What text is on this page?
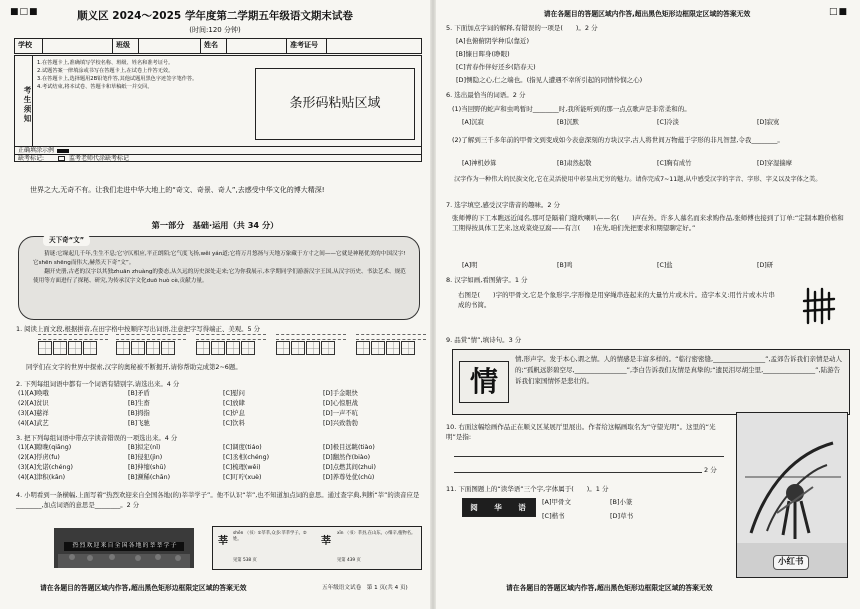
■□■	顺义区 2024～2025 学年度第二学期五年级语文期末试卷
(时间:120 分钟)
学校		班级		姓名		准考证号	
考生须知
1.在答题卡上,准确填写学校名称、班级、姓名和准考证号。
2.试题答案一律填涂或书写在答题卡上,在试卷上作答无效。
3.在答题卡上,选择题用2B铅笔作答,其他试题用黑色字迹签字笔作答。
4.考试结束,将本试卷、答题卡和草稿纸一并交回。
条形码粘贴区域
正确填涂示例
缺考标记:	监考老师代涂缺考标记
世界之大,无奇不有。让我们走进中华大地上的“奇文、奇景、奇人”,去感受中华文化的博大精深!
第一部分　基础·运用（共 34 分）
天下奇“文”

猜谜:它缘起几千年,生生不息;它守仄相应,平正朗陌;它气度飞扬,wěi yán道;它将万月悠扬与天地万象藏于方寸之间——它就是神秘优美的中国汉字!它shēn shēng而伟大,赫然天下奇“文”。

翻开史册,古老的汉字以其独zhuān zhuàng的姿态,从久远的历史深处走来;它为你我展示,本学期同学们游游汉字王国,从汉字历史、书法艺术、规范使用等方面进行了探秘、研究,为传承汉字文化duō huò cè,贡献力量。

1. 阅读上面文段,根据拼音,在田字格中按顺序写出词语,注意把字写得端正、美观。5 分
同学们在文字的世界中探索,汉字的奥秘被不断揭开,请你帮助完成第2~6题。
2. 下列每组词语中都有一个词语有错别字,请选出来。4 分
(1)[A]唤哦	[B]矛盾	[C]慰问	[D]手金眼快
(2)[A]贫识	[B]生畜	[C]放肆	[D]心惊胆战
(3)[A]慈祥	[B]拇指	[C]炉息	[D]一声不吭
(4)[A]武艺	[B]飞驰	[C]饮料	[D]兴致勃勃
3. 把下列每组词语中带点字读音错误的一项选出来。4 分
(1)[A]瞭晚(qiāng)	[B]拟定(nǐ)	[C]调度(tiáo)	[D]极目远眺(tiào)
(2)[A]俘虏(fu)	[B]侵犯(jìn)	[C]丞相(chéng)	[D]翻然作(biào)
(3)[A]允诺(chéng)	[B]伸缩(shū)	[C]梳理(wěi)	[D]点燃其间(zhuì)
(4)[A]津积(kān)	[B]濒稀(chān)	[C]叮咛(xuè)	[D]养尊处优(chù)
4. 小明看到一条横幅,上面写着“热烈欢迎来自全国各地(的)莘莘学子”。他不认识“莘”,也不知道加点词的意思。通过查字典,判断“莘”的读音应是________,加点词语的意思是________。2 分
热烈欢迎来自全国各地的莘莘学子	莘
shēn 〈书〉①莘莘,众多:莘莘学子。②姓。
见第 538 页
莘
xīn 〈书〉莘县,在山东。◇细辛,植物名。
见第 439 页
请在各题目的答题区域内作答,超出黑色矩形边框限定区域的答案无效	五年级语文试卷　第 1 页(共 4 页)
请在各题目的答题区域内作答,超出黑色矩形边框限定区域的答案无效	□■
5. 下面加点字词的解释,有错误的一项是(　　)。2 分
[A]也俯俯阴学种瓜(靠近)
[B]慷日晖身(睁眼)
[C]青春作伴好还乡(陪春天)
[D]恻隐之心,仁之端也。(指见人遭遇不幸所引起的同情怜悯之心)
6. 选出最恰当的词语。2 分
(1)当回野的蛇声和虫鸣暂时________时,我所能听到的那一点点歌声是非常柔和的。
[A]沉寂	[B]沉默	[C]冷淡	[D]寂寞
(2)了解到三千多年前的甲骨文到变成如今表意深刻的方块汉字,古人将世间万物蕴于字形的非凡智慧,令我________。
[A]神机妙算	[B]肃然起敬	[C]胸有成竹	[D]穿湿揣摩
汉字作为一种伟大的民族文化,它在灵活使用中彰显出无穷的魅力。请你完成7~11题,从中感受汉字的字音、字形、字义以及字体之美。
7. 选字填空,感受汉字谐音的趣味。2 分
张师傅的下工本瞧远近闻名,那可是隔着门缝吹喇叭——名(　　)声在外。许多人慕名而来求购作品,张师傅也接到了订单:“定制本瞧价格和工期得按具体工艺来,这成菜烧豆腐——有言(　　)在先,咱们先把要求和期望聊定好。”
[A]明	[B]鸣	[C]盐	[D]研
8. 汉字如画,看图猜字。1 分
右图是(　　)字的甲骨文,它是个象形字,字形像是用穿绳串连起来的大量竹片或木片。造字本义:用竹片或木片串成的书简。
9. 品赏“情”,填诗句。3 分
情
情,形声字。发于本心,谓之情。人的情感是丰富多样的。“临行密密缝,________________”,孟郊告诉我们亲情是动人的;“孤帆远影碧空尽,________________”,李白告诉我们友情是真挚的;“遗民泪尽胡尘里,________________”,陆游告诉我们家国情怀是悲壮的。
10. 右面这幅绘画作品正在顺义区某展厅里展出。作者给这幅画取名为“守望光明”。这里的“光明”是指:
2 分
11. 下面图题上的“读华语”三个字,字体属于(　　)。1 分
阅 华 语
[A]甲骨文	[B]小篆
[C]楷书	[D]草书
小红书
请在各题目的答题区域内作答,超出黑色矩形边框限定区域的答案无效
